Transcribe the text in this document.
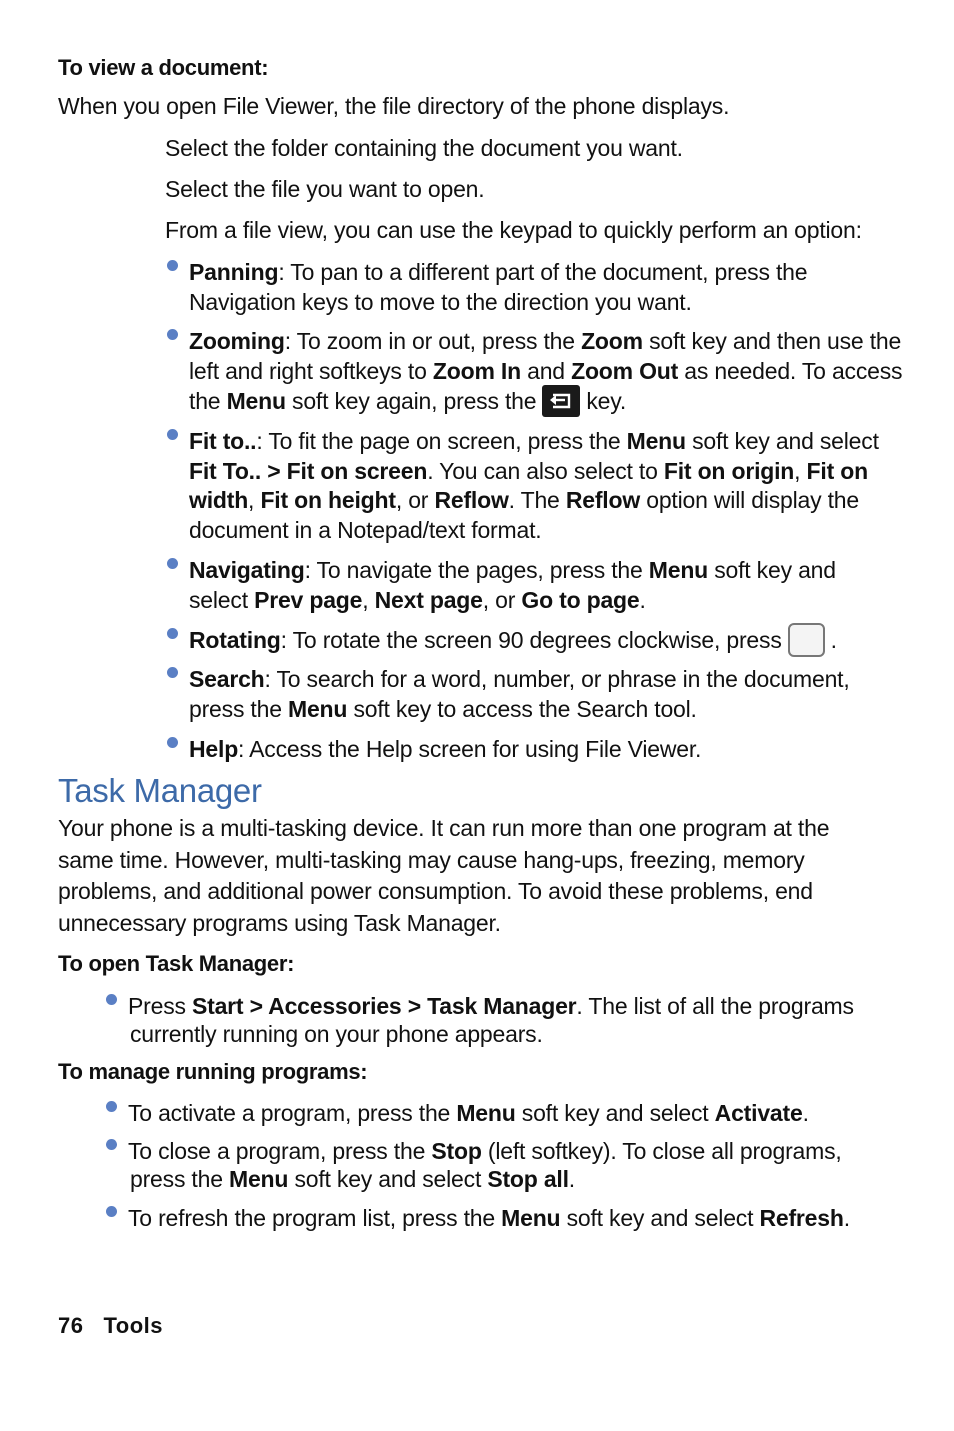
To view a document:
When you open File Viewer, the file directory of the phone displays.
Select the folder containing the document you want.
Select the file you want to open.
From a file view, you can use the keypad to quickly perform an option:
Panning: To pan to a different part of the document, press the
Navigation keys to move to the direction you want.
Zooming: To zoom in or out, press the Zoom soft key and then use the
left and right softkeys to Zoom In and Zoom Out as needed. To access
the Menu soft key again, press the key.
Fit to..: To fit the page on screen, press the Menu soft key and select
Fit To.. > Fit on screen. You can also select to Fit on origin, Fit on
width, Fit on height, or Reflow. The Reflow option will display the
document in a Notepad/text format.
Navigating: To navigate the pages, press the Menu soft key and
select Prev page, Next page, or Go to page.
Rotating: To rotate the screen 90 degrees clockwise, press .
Search: To search for a word, number, or phrase in the document,
press the Menu soft key to access the Search tool.
Help: Access the Help screen for using File Viewer.
Task Manager
Your phone is a multi-tasking device. It can run more than one program at the
same time. However, multi-tasking may cause hang-ups, freezing, memory
problems, and additional power consumption. To avoid these problems, end
unnecessary programs using Task Manager.
To open Task Manager:
Press Start > Accessories > Task Manager. The list of all the programs
currently running on your phone appears.
To manage running programs:
To activate a program, press the Menu soft key and select Activate.
To close a program, press the Stop (left softkey). To close all programs,
press the Menu soft key and select Stop all.
To refresh the program list, press the Menu soft key and select Refresh.
76 Tools
